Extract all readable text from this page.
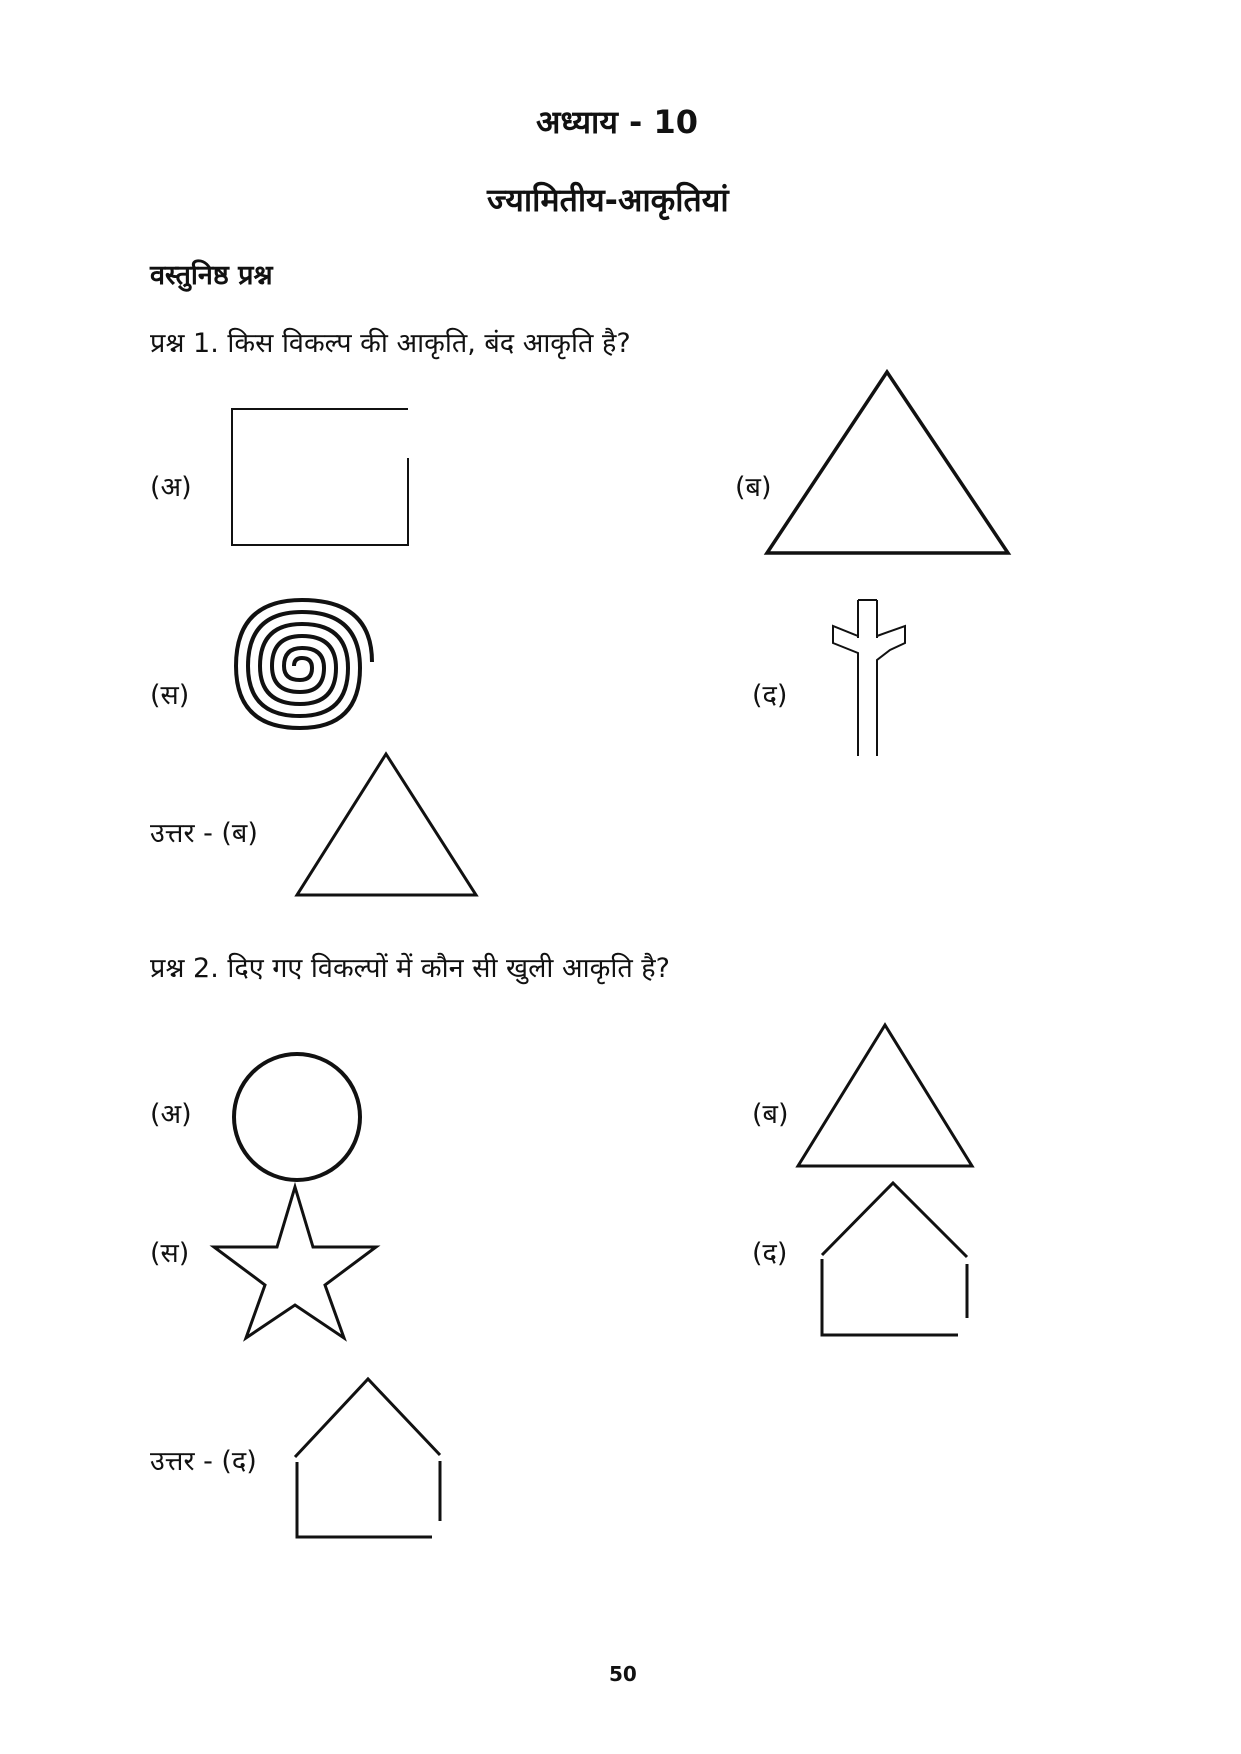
अध्याय - 10
ज्यामितीय-आकृतियां
वस्तुनिष्ठ प्रश्न
प्रश्न 1. किस विकल्प की आकृति, बंद आकृति है?
(अ)	(ब)
(स)	(द)
उत्तर - (ब)
प्रश्न 2. दिए गए विकल्पों में कौन सी खुली आकृति है?
(अ)	(ब)
(स)	(द)
उत्तर - (द)
50
